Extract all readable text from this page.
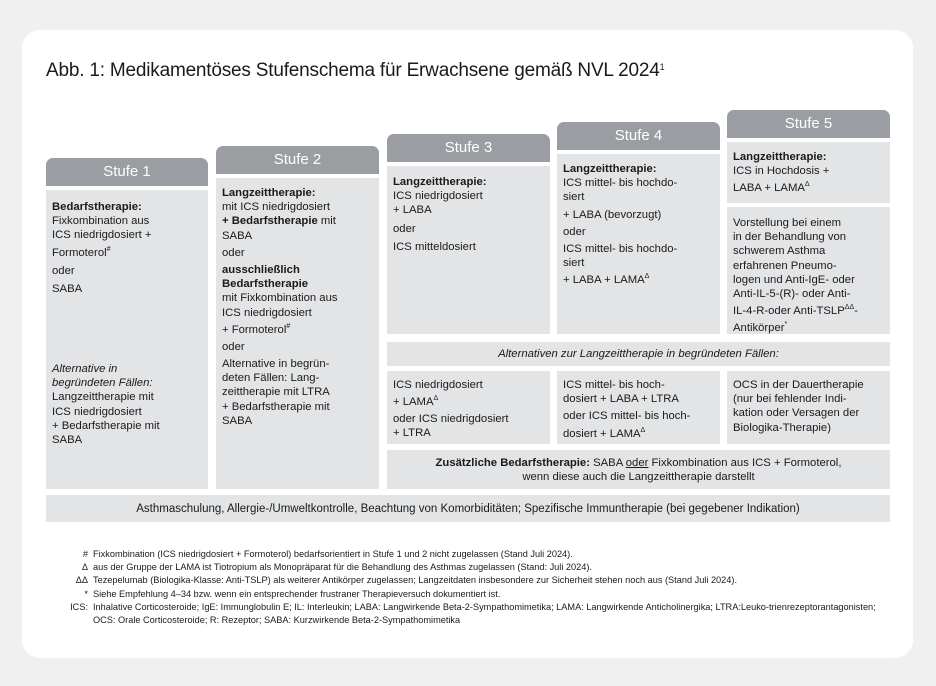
Abb. 1: Medikamentöses Stufenschema für Erwachsene gemäß NVL 2024$^1$
Stufe 1
Stufe 2
Stufe 3
Stufe 4
Stufe 5
Bedarfstherapie:
Fixkombination aus
ICS niedrigdosiert +
Formoterol#
oder
SABA
Alternative in
begründeten Fällen:
Langzeittherapie mit
ICS niedrigdosiert
+ Bedarfstherapie mit
SABA
Langzeittherapie:
mit ICS niedrigdosiert
+ Bedarfstherapie mit
SABA
oder
ausschließlich
Bedarfstherapie
mit Fixkombination aus
ICS niedrigdosiert
+ Formoterol#
oder
Alternative in begrün-
deten Fällen: Lang-
zeittherapie mit LTRA
+ Bedarfstherapie mit
SABA
Langzeittherapie:
ICS niedrigdosiert
+ LABA
oder
ICS mitteldosiert
Langzeittherapie:
ICS mittel- bis hochdo-
siert
+ LABA (bevorzugt)
oder
ICS mittel- bis hochdo-
siert
+ LABA + $LAMA^\Delta$
Langzeittherapie:
ICS in Hochdosis +
LABA + $LAMA^\Delta$
Vorstellung bei einem
in der Behandlung von
schwerem Asthma
erfahrenen Pneumo-
logen und Anti-IgE- oder
Anti-IL-5-(R)- oder Anti-
IL-4-R-oder Anti-$TSLP^{\Delta\Delta}-$
Antikörper*
Alternativen zur Langzeittherapie in begründeten Fällen:
ICS niedrigdosiert
+ $LAMA^\Delta$
oder ICS niedrigdosiert
+ LTRA
ICS mittel- bis hoch-
dosiert + LABA + LTRA
oder ICS mittel- bis hoch-
dosiert + $LAMA^\Delta$
OCS in der Dauertherapie
(nur bei fehlender Indi-
kation oder Versagen der
Biologika-Therapie)
Zusätzliche Bedarfstherapie: SABA oder Fixkombination aus ICS + Formoterol,
wenn diese auch die Langzeittherapie darstellt
Asthmaschulung, Allergie-/Umweltkontrolle, Beachtung von Komorbiditäten; Spezifische Immuntherapie (bei gegebener Indikation)
# Fixkombination (ICS niedrigdosiert + Formoterol) bedarfsorientiert in Stufe 1 und 2 nicht zugelassen (Stand Juli 2024).
Δ aus der Gruppe der LAMA ist Tiotropium als Monopräparat für die Behandlung des Asthmas zugelassen (Stand: Juli 2024).
ΔΔ Tezepelumab (Biologika-Klasse: Anti-TSLP) als weiterer Antikörper zugelassen; Langzeitdaten insbesondere zur Sicherheit stehen noch aus (Stand Juli 2024).
* Siehe Empfehlung 4–34 bzw. wenn ein entsprechender frustraner Therapieversuch dokumentiert ist.
ICS: Inhalative Corticosteroide; IgE: Immunglobulin E; IL: Interleukin; LABA: Langwirkende Beta-2-Sympathomimetika; LAMA: Langwirkende Anticholinergika; LTRA:Leuko-trienrezeptorantagonisten; OCS: Orale Corticosteroide; R: Rezeptor; SABA: Kurzwirkende Beta-2-Sympathomimetika
